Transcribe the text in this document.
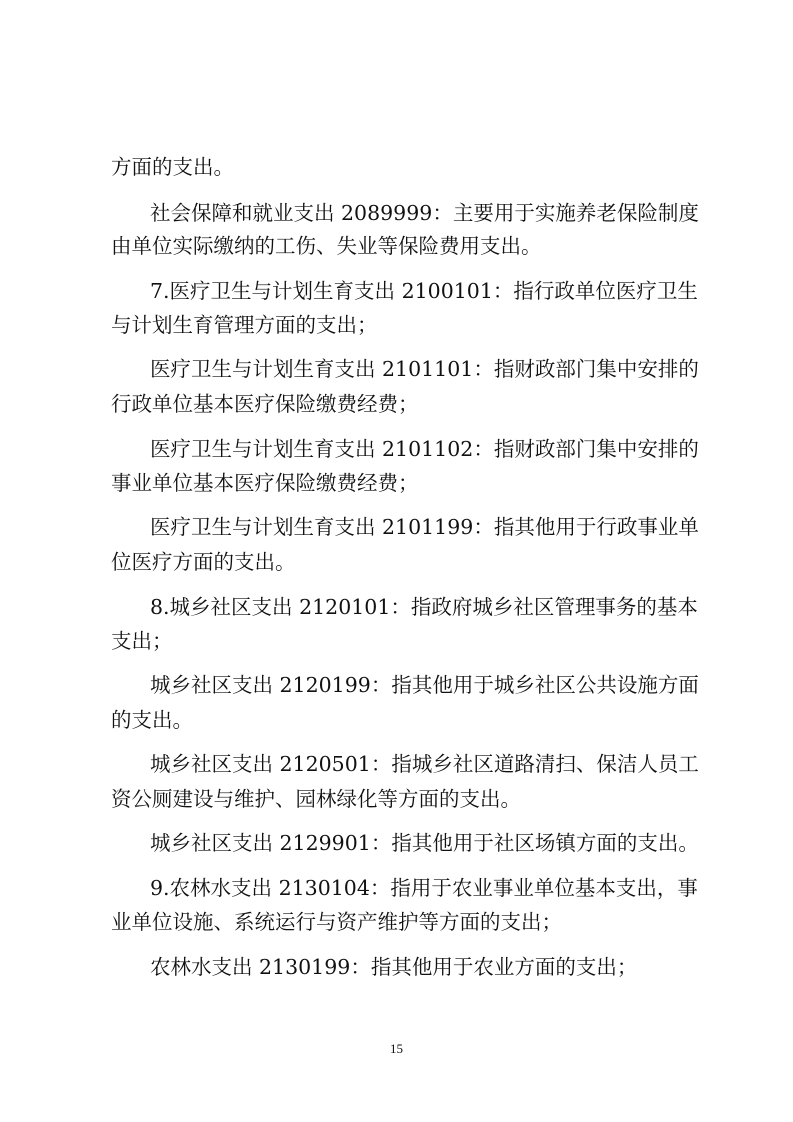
方面的支出。
社会保障和就业支出 2089999：主要用于实施养老保险制度
由单位实际缴纳的工伤、失业等保险费用支出。
7.医疗卫生与计划生育支出 2100101：指行政单位医疗卫生
与计划生育管理方面的支出；
医疗卫生与计划生育支出 2101101：指财政部门集中安排的
行政单位基本医疗保险缴费经费；
医疗卫生与计划生育支出 2101102：指财政部门集中安排的
事业单位基本医疗保险缴费经费；
医疗卫生与计划生育支出 2101199：指其他用于行政事业单
位医疗方面的支出。
8.城乡社区支出 2120101：指政府城乡社区管理事务的基本
支出；
城乡社区支出 2120199：指其他用于城乡社区公共设施方面
的支出。
城乡社区支出 2120501：指城乡社区道路清扫、保洁人员工
资公厕建设与维护、园林绿化等方面的支出。
城乡社区支出 2129901：指其他用于社区场镇方面的支出。
9.农林水支出 2130104：指用于农业事业单位基本支出，事
业单位设施、系统运行与资产维护等方面的支出；
农林水支出 2130199：指其他用于农业方面的支出；
15
